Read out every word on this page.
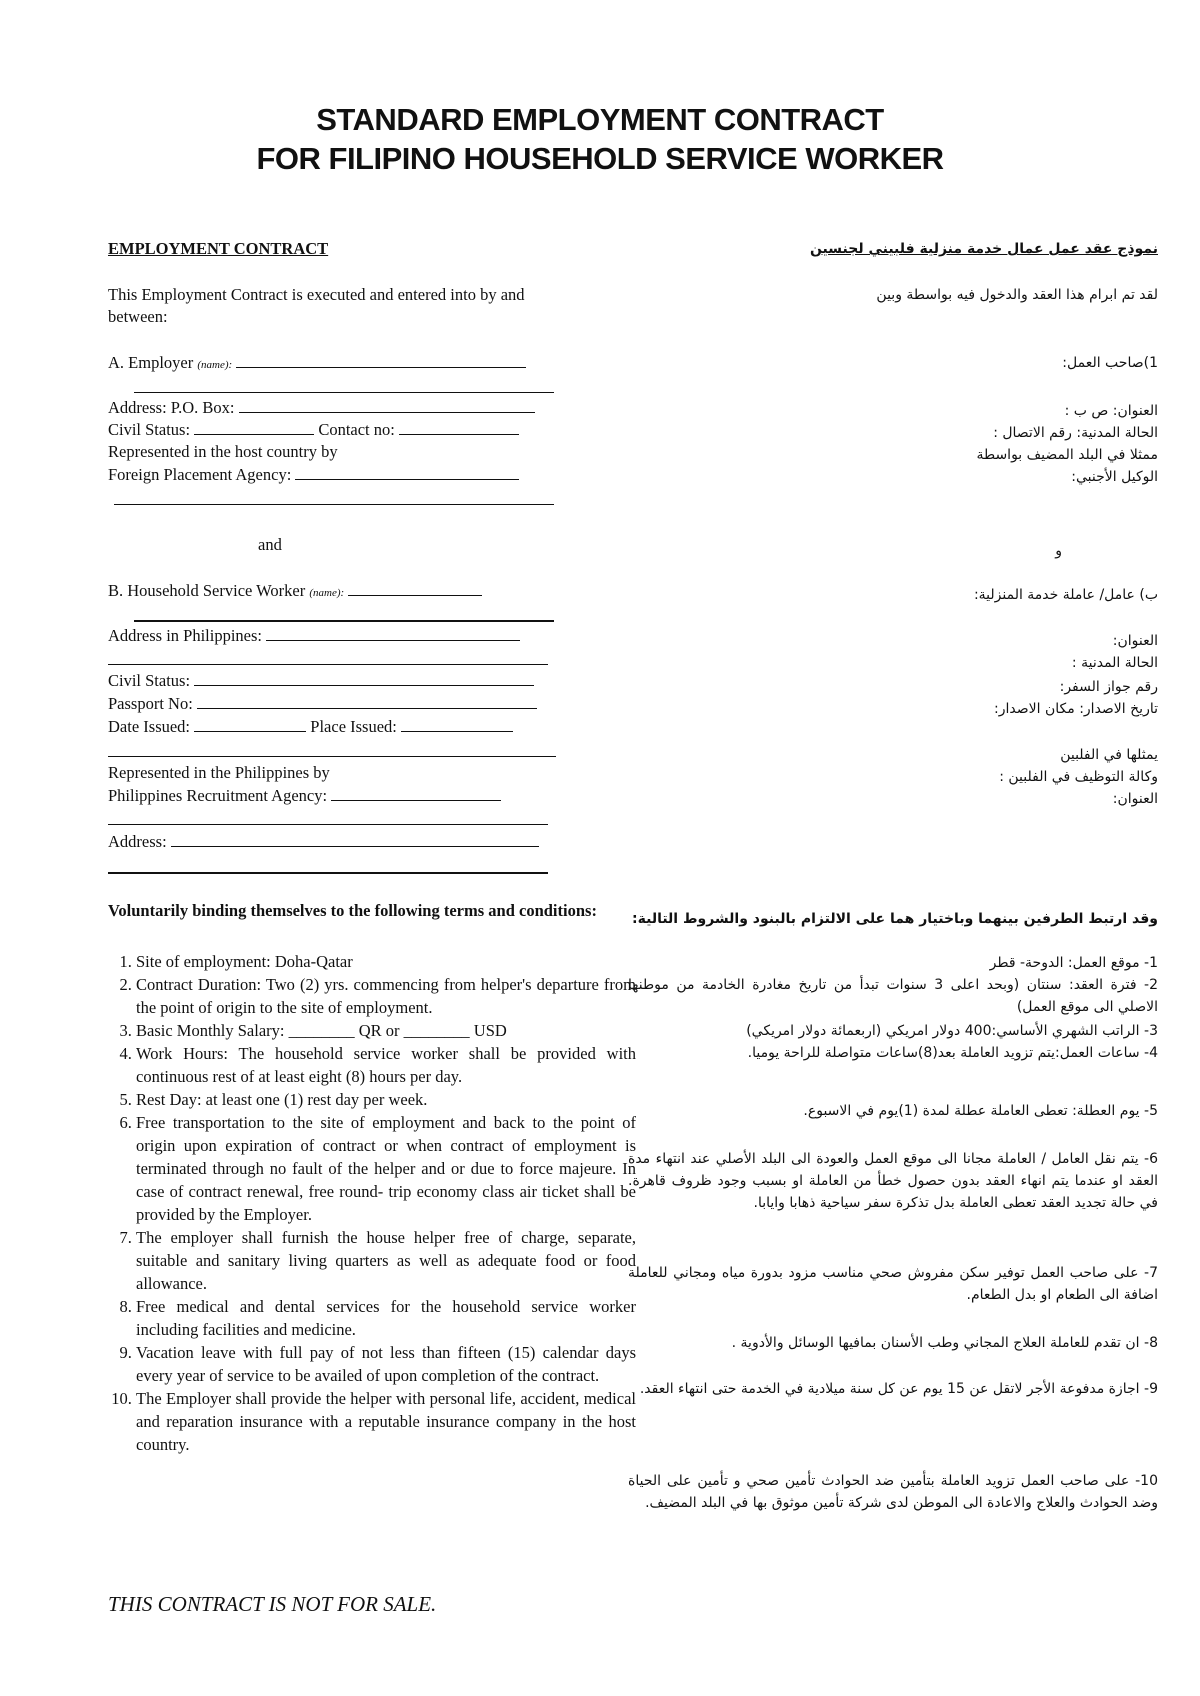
STANDARD EMPLOYMENT CONTRACT
FOR FILIPINO HOUSEHOLD SERVICE WORKER
EMPLOYMENT CONTRACT
This Employment Contract is executed and entered into by and
between:
A. Employer (name):
Address: P.O. Box:
Civil Status:	Contact no:
Represented in the host country by
Foreign Placement Agency:
and
B. Household Service Worker (name):
Address in Philippines:
Civil Status:
Passport No:
Date Issued:	Place Issued:
Represented in the Philippines by
Philippines Recruitment Agency:
Address:
Voluntarily binding themselves to the following terms and conditions:
1. Site of employment: Doha-Qatar
2. Contract Duration: Two (2) yrs. commencing from helper's departure from the point of origin to the site of employment.
3. Basic Monthly Salary: ________ QR or ________ USD
4. Work Hours: The household service worker shall be provided with continuous rest of at least eight (8) hours per day.
5. Rest Day: at least one (1) rest day per week.
6. Free transportation to the site of employment and back to the point of origin upon expiration of contract or when contract of employment is terminated through no fault of the helper and or due to force majeure. In case of contract renewal, free round- trip economy class air ticket shall be provided by the Employer.
7. The employer shall furnish the house helper free of charge, separate, suitable and sanitary living quarters as well as adequate food or food allowance.
8. Free medical and dental services for the household service worker including facilities and medicine.
9. Vacation leave with full pay of not less than fifteen (15) calendar days every year of service to be availed of upon completion of the contract.
10. The Employer shall provide the helper with personal life, accident, medical and reparation insurance with a reputable insurance company in the host country.
THIS CONTRACT IS NOT FOR SALE.
نموذج عقد عمل عمال خدمة منزلية فلبيني لجنسين
لقد تم ابرام هذا العقد والدخول فيه بواسطة وبين
1)صاحب العمل:
العنوان: ص ب :
الحالة المدنية: رقم الاتصال :
ممثلا في البلد المضيف بواسطة
الوكيل الأجنبي:
و
ب) عامل/ عاملة خدمة المنزلية:
العنوان:
الحالة المدنية :
رقم جواز السفر:
تاريخ الاصدار: مكان الاصدار:
يمثلها في الفلبين
وكالة التوظيف في الفلبين :
العنوان:
وقد ارتبط الطرفين بينهما وباختيار هما على الالتزام بالبنود والشروط التالية:
1- موقع العمل: الدوحة- قطر
2- فترة العقد: سنتان (وبحد اعلى 3 سنوات تبدأ من تاريخ مغادرة الخادمة من موطنها الاصلي الى موقع العمل)
3- الراتب الشهري الأساسي:400 دولار امريكي (اربعمائة دولار امريكي)
4- ساعات العمل:يتم تزويد العاملة بعد(8)ساعات متواصلة للراحة يوميا.
5- يوم العطلة: تعطى العاملة عطلة لمدة (1)يوم في الاسبوع.
6- يتم نقل العامل / العاملة مجانا الى موقع العمل والعودة الى البلد الأصلي عند انتهاء مدة العقد او عندما يتم انهاء العقد بدون حصول خطأ من العاملة او بسبب وجود ظروف قاهرة. في حالة تجديد العقد تعطى العاملة بدل تذكرة سفر سياحية ذهابا وايابا.
7- على صاحب العمل توفير سكن مفروش صحي مناسب مزود بدورة مياه ومجاني للعاملة اضافة الى الطعام او بدل الطعام.
8- ان تقدم للعاملة العلاج المجاني وطب الأسنان بمافيها الوسائل والأدوية .
9- اجازة مدفوعة الأجر لاتقل عن 15 يوم عن كل سنة ميلادية في الخدمة حتى انتهاء العقد.
10- على صاحب العمل تزويد العاملة بتأمين ضد الحوادث تأمين صحي و تأمين على الحياة وضد الحوادث والعلاج والاعادة الى الموطن لدى شركة تأمين موثوق بها في البلد المضيف.
